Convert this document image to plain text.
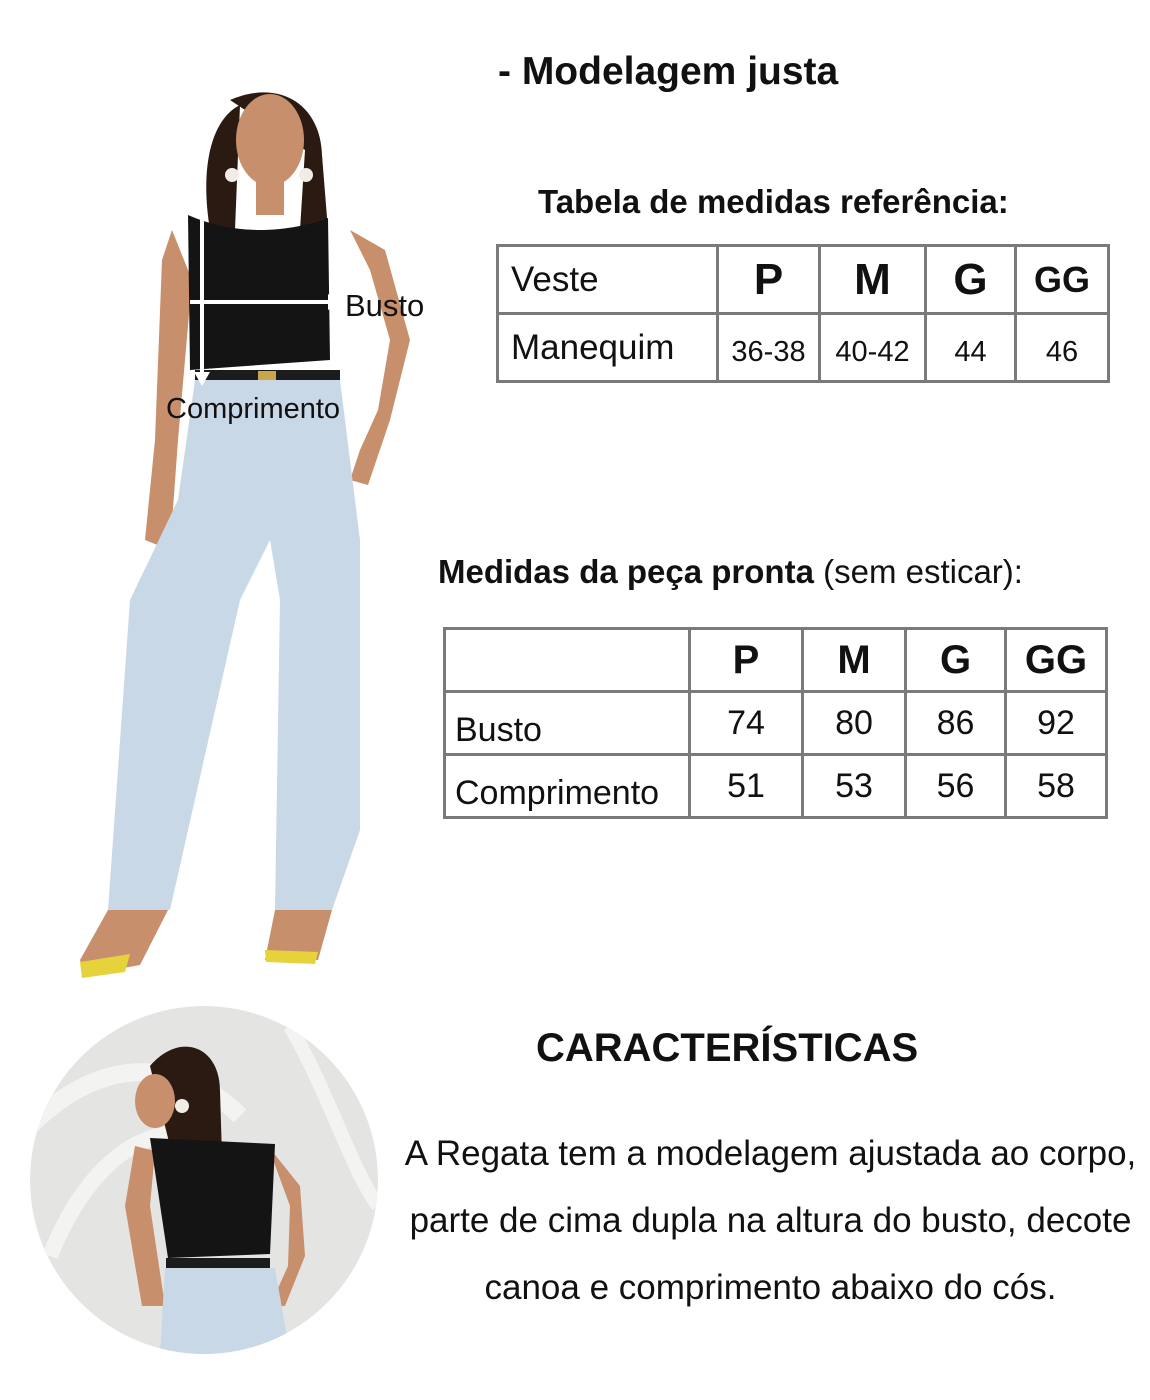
Busto
Comprimento
- Modelagem justa
Tabela de medidas referência:
Veste	P	M	G	GG
Manequim	36-38	40-42	44	46
Medidas da peça pronta (sem esticar):
	P	M	G	GG
Busto	74	80	86	92
Comprimento	51	53	56	58
CARACTERÍSTICAS
A Regata tem a modelagem ajustada ao corpo, parte de cima dupla na altura do busto, decote canoa e comprimento abaixo do cós.
